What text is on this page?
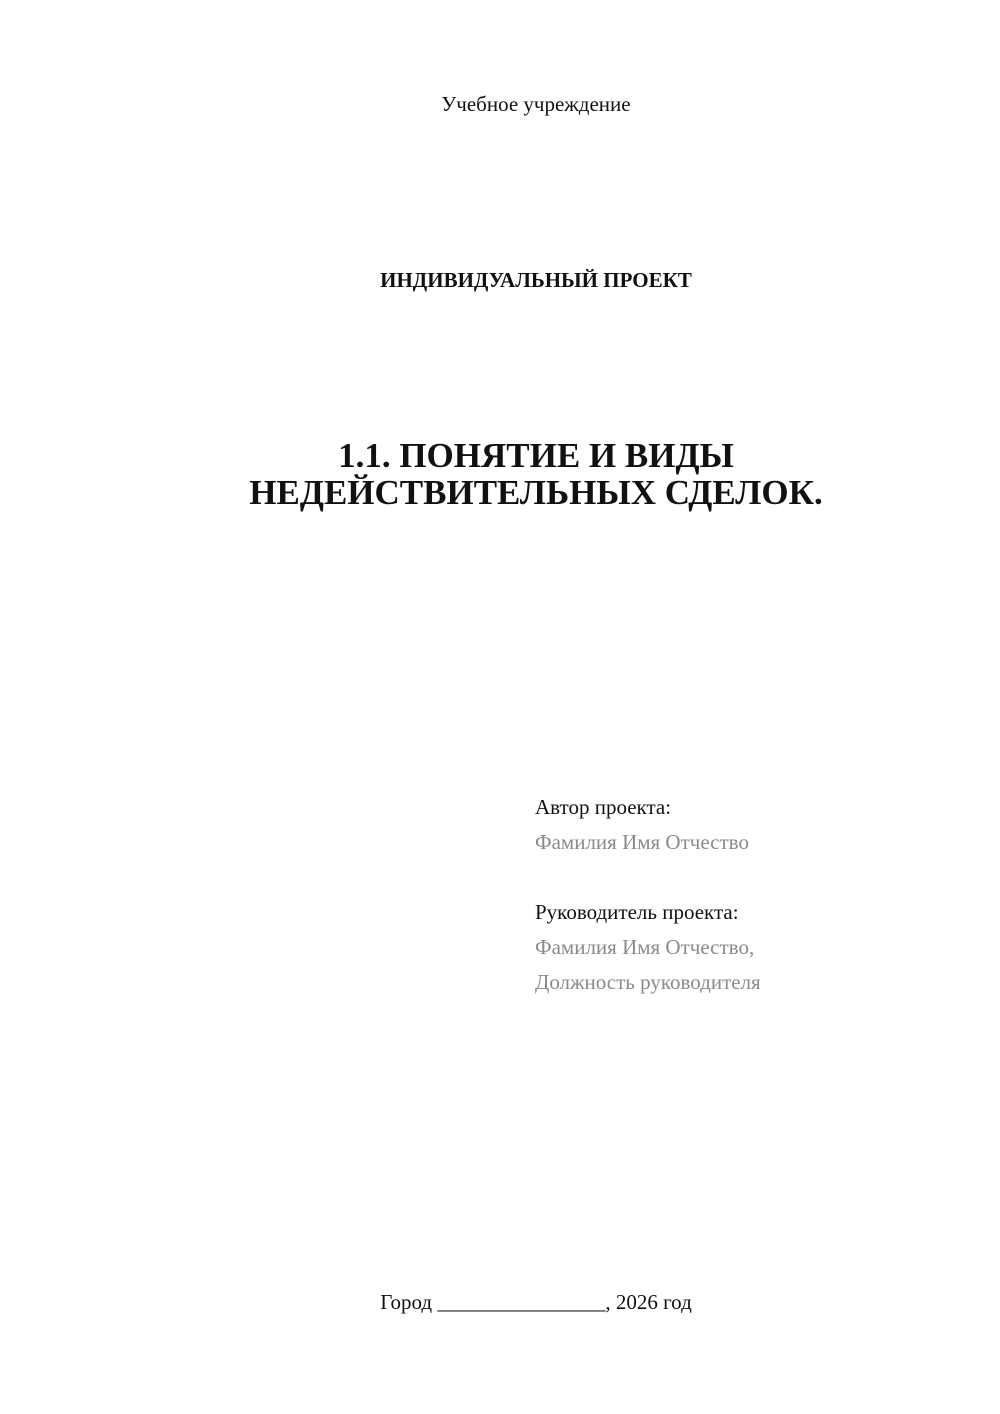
Учебное учреждение
ИНДИВИДУАЛЬНЫЙ ПРОЕКТ
1.1. ПОНЯТИЕ И ВИДЫ
НЕДЕЙСТВИТЕЛЬНЫХ СДЕЛОК.
Автор проекта:
Фамилия Имя Отчество
Руководитель проекта:
Фамилия Имя Отчество,
Должность руководителя
Город ________________, 2026 год
